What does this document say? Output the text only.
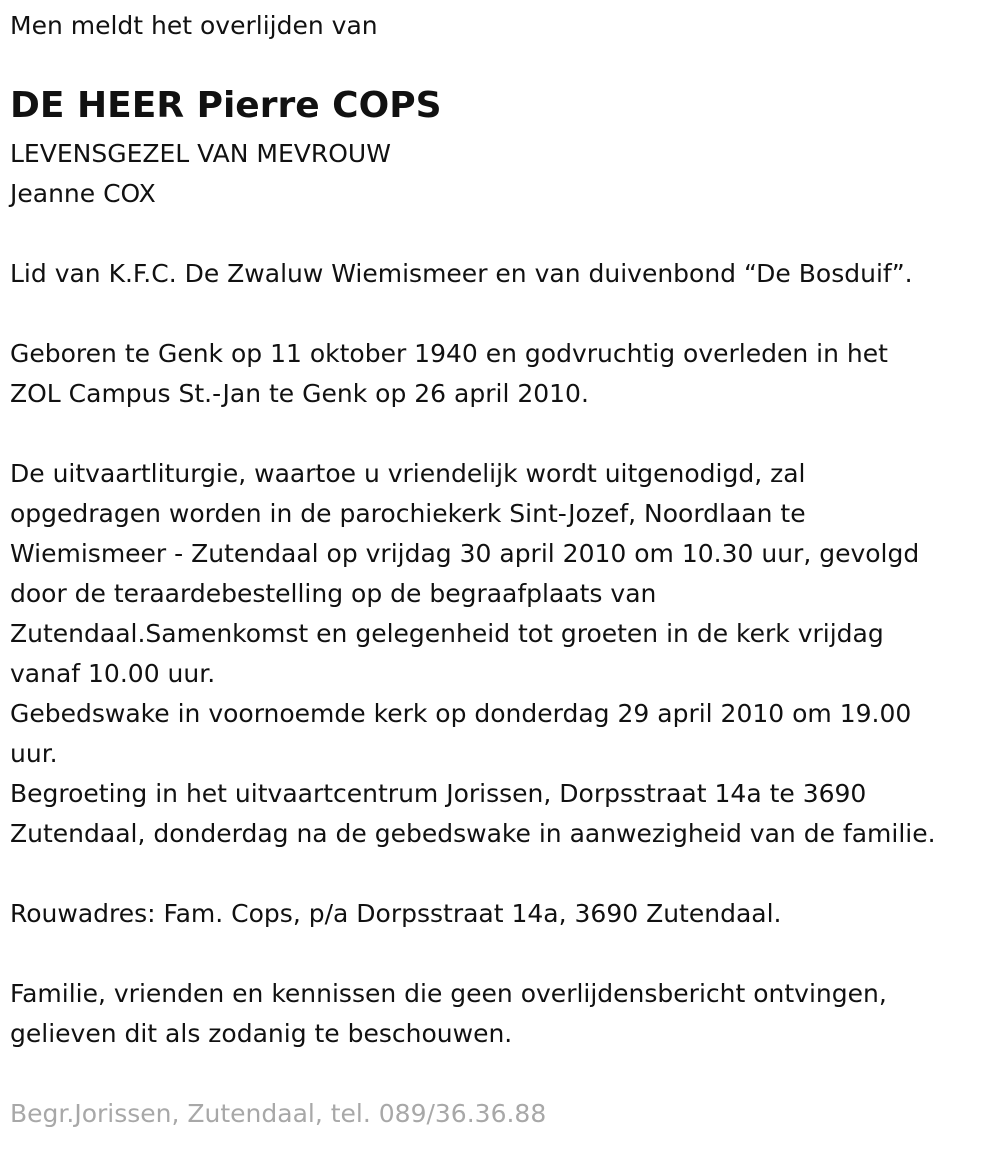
Men meldt het overlijden van

DE HEER Pierre COPS

LEVENSGEZEL VAN MEVROUW

Jeanne COX

Lid van K.F.C. De Zwaluw Wiemismeer en van duivenbond “De Bosduif”.

Geboren te Genk op 11 oktober 1940 en godvruchtig overleden in het

ZOL Campus St.-Jan te Genk op 26 april 2010.

De uitvaartliturgie, waartoe u vriendelijk wordt uitgenodigd, zal

opgedragen worden in de parochiekerk Sint-Jozef, Noordlaan te

Wiemismeer - Zutendaal op vrijdag 30 april 2010 om 10.30 uur, gevolgd

door de teraardebestelling op de begraafplaats van

Zutendaal.Samenkomst en gelegenheid tot groeten in de kerk vrijdag

vanaf 10.00 uur.

Gebedswake in voornoemde kerk op donderdag 29 april 2010 om 19.00

uur.

Begroeting in het uitvaartcentrum Jorissen, Dorpsstraat 14a te 3690

Zutendaal, donderdag na de gebedswake in aanwezigheid van de familie.

Rouwadres: Fam. Cops, p/a Dorpsstraat 14a, 3690 Zutendaal.

Familie, vrienden en kennissen die geen overlijdensbericht ontvingen,

gelieven dit als zodanig te beschouwen.

Begr.Jorissen, Zutendaal, tel. 089/36.36.88
